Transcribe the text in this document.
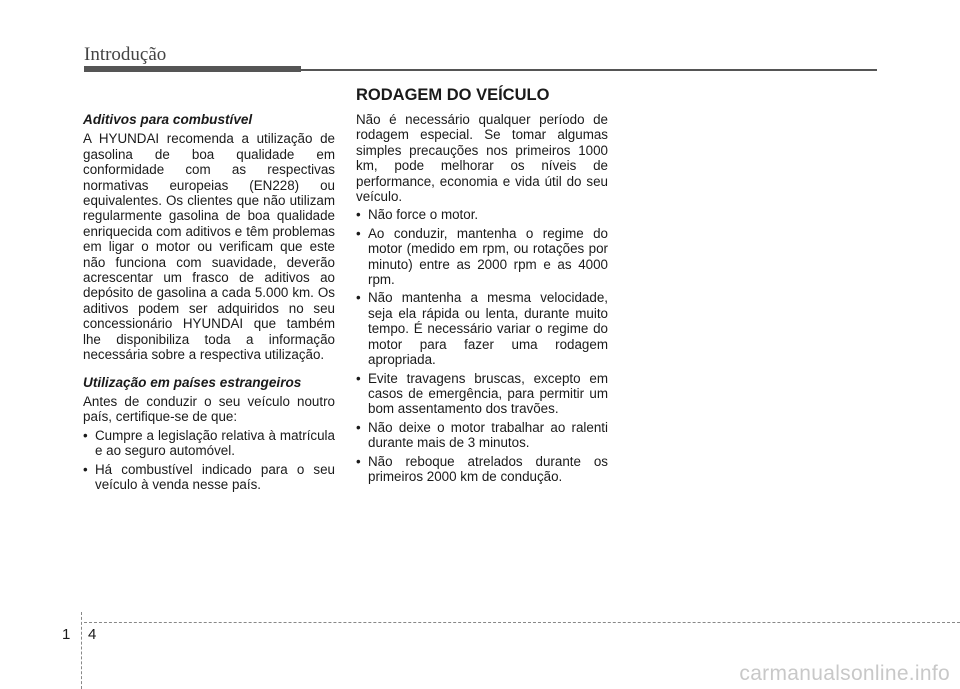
Introdução
RODAGEM DO VEÍCULO
Aditivos para combustível

A HYUNDAI recomenda a utilização de gasolina de boa qualidade em conformidade com as respectivas normativas europeias (EN228) ou equivalentes. Os clientes que não utilizam regularmente gasolina de boa qualidade enriquecida com aditivos e têm problemas em ligar o motor ou verificam que este não funciona com suavidade, deverão acrescentar um frasco de aditivos ao depósito de gasolina a cada 5.000 km. Os aditivos podem ser adquiridos no seu concessionário HYUNDAI que também lhe disponibiliza toda a informação necessária sobre a respectiva utilização.

Utilização em países estrangeiros

Antes de conduzir o seu veículo noutro país, certifique-se de que:

• Cumpre a legislação relativa à matrícula e ao seguro automóvel.
• Há combustível indicado para o seu veículo à venda nesse país.

Não é necessário qualquer período de rodagem especial. Se tomar algumas simples precauções nos primeiros 1000 km, pode melhorar os níveis de performance, economia e vida útil do seu veículo.

• Não force o motor.
• Ao conduzir, mantenha o regime do motor (medido em rpm, ou rotações por minuto) entre as 2000 rpm e as 4000 rpm.
• Não mantenha a mesma velocidade, seja ela rápida ou lenta, durante muito tempo. É necessário variar o regime do motor para fazer uma rodagem apropriada.
• Evite travagens bruscas, excepto em casos de emergência, para permitir um bom assentamento dos travões.
• Não deixe o motor trabalhar ao ralenti durante mais de 3 minutos.
• Não reboque atrelados durante os primeiros 2000 km de condução.
1 4
carmanualsonline.info
